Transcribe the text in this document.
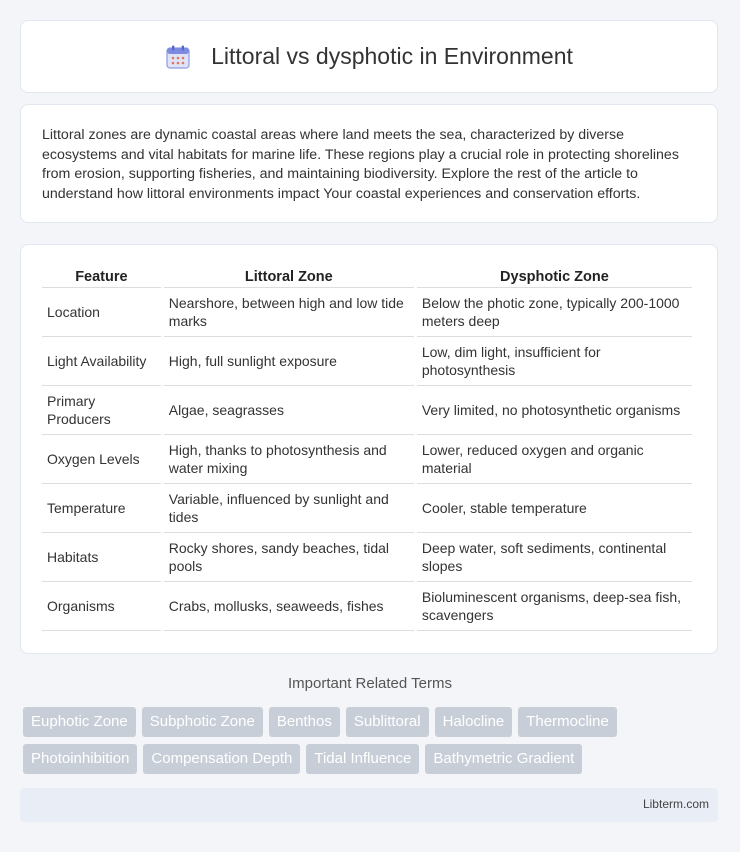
Littoral vs dysphotic in Environment

Littoral zones are dynamic coastal areas where land meets the sea, characterized by diverse ecosystems and vital habitats for marine life. These regions play a crucial role in protecting shorelines from erosion, supporting fisheries, and maintaining biodiversity. Explore the rest of the article to understand how littoral environments impact Your coastal experiences and conservation efforts.

Feature	Littoral Zone	Dysphotic Zone
Location	Nearshore, between high and low tide marks	Below the photic zone, typically 200-1000 meters deep
Light Availability	High, full sunlight exposure	Low, dim light, insufficient for photosynthesis
Primary Producers	Algae, seagrasses	Very limited, no photosynthetic organisms
Oxygen Levels	High, thanks to photosynthesis and water mixing	Lower, reduced oxygen and organic material
Temperature	Variable, influenced by sunlight and tides	Cooler, stable temperature
Habitats	Rocky shores, sandy beaches, tidal pools	Deep water, soft sediments, continental slopes
Organisms	Crabs, mollusks, seaweeds, fishes	Bioluminescent organisms, deep-sea fish, scavengers
Important Related Terms
Euphotic Zone	Subphotic Zone	Benthos	Sublittoral	Halocline	Thermocline
Photoinhibition	Compensation Depth	Tidal Influence	Bathymetric Gradient
Libterm.com
